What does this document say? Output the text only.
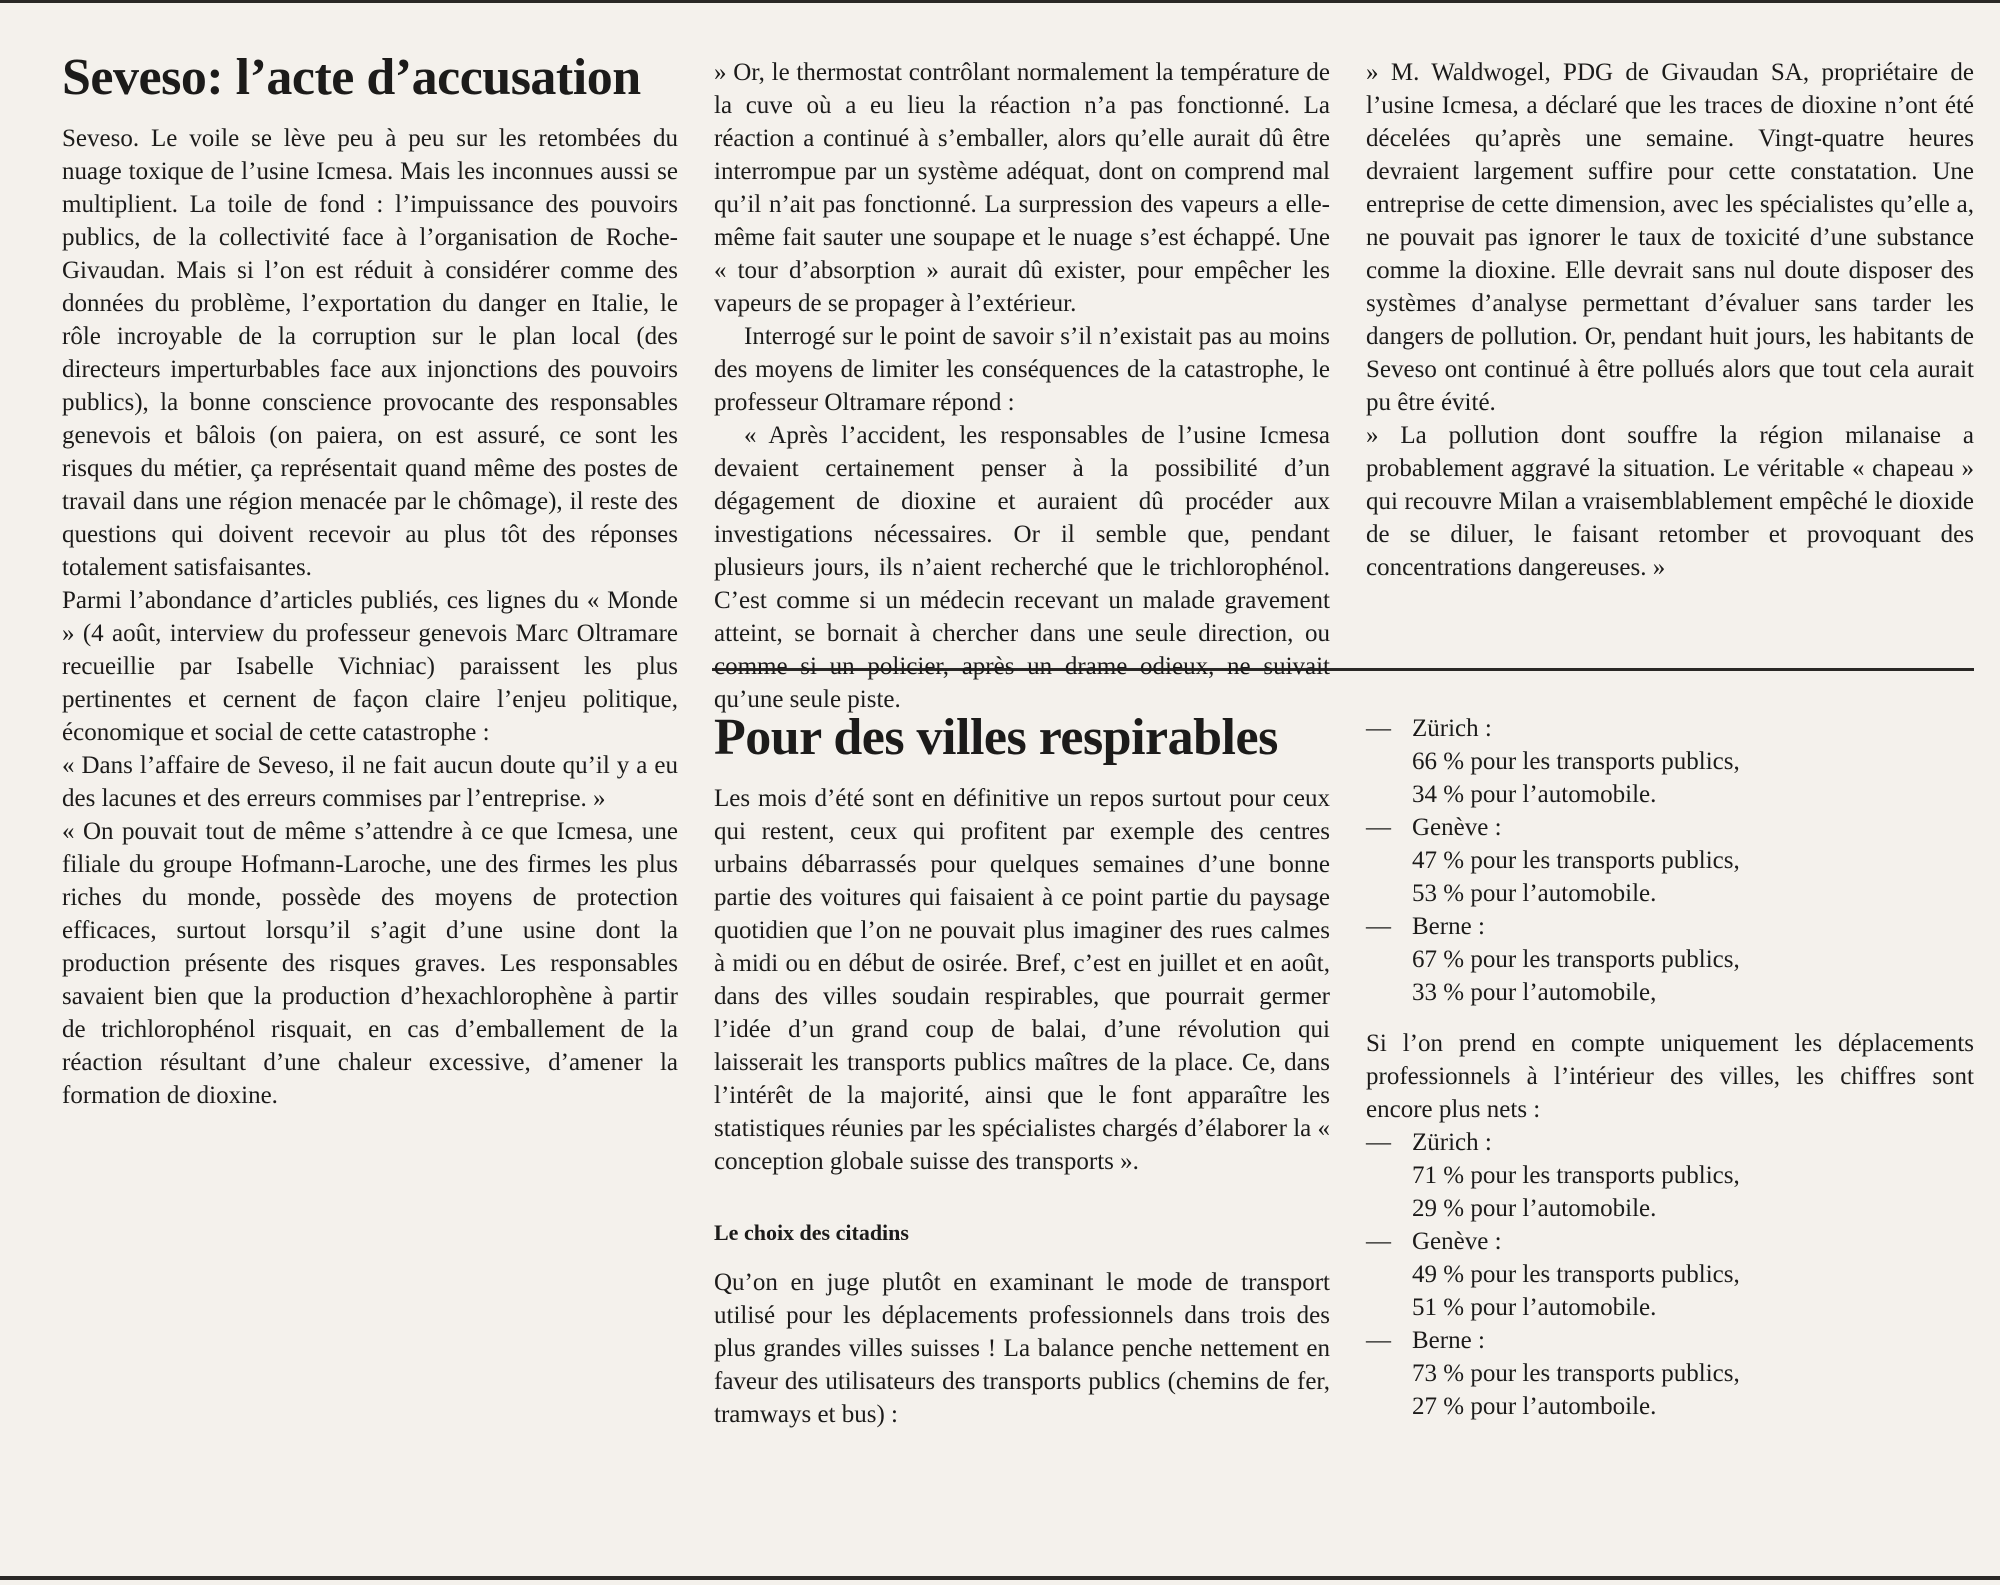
Seveso: l’acte d’accusation

Seveso. Le voile se lève peu à peu sur les retombées du nuage toxique de l’usine Icmesa. Mais les inconnues aussi se multiplient. La toile de fond : l’impuissance des pouvoirs publics, de la collectivité face à l’organisation de Roche-Givaudan. Mais si l’on est réduit à considérer comme des données du problème, l’exportation du danger en Italie, le rôle incroyable de la corruption sur le plan local (des directeurs imperturbables face aux injonctions des pouvoirs publics), la bonne conscience provocante des responsables genevois et bâlois (on paiera, on est assuré, ce sont les risques du métier, ça représentait quand même des postes de travail dans une région menacée par le chômage), il reste des questions qui doivent recevoir au plus tôt des réponses totalement satisfaisantes.

Parmi l’abondance d’articles publiés, ces lignes du « Monde » (4 août, interview du professeur genevois Marc Oltramare recueillie par Isabelle Vichniac) paraissent les plus pertinentes et cernent de façon claire l’enjeu politique, économique et social de cette catastrophe :

« Dans l’affaire de Seveso, il ne fait aucun doute qu’il y a eu des lacunes et des erreurs commises par l’entreprise. »

« On pouvait tout de même s’attendre à ce que Icmesa, une filiale du groupe Hofmann-Laroche, une des firmes les plus riches du monde, possède des moyens de protection efficaces, surtout lorsqu’il s’agit d’une usine dont la production présente des risques graves. Les responsables savaient bien que la production d’hexachlorophène à partir de trichlorophénol risquait, en cas d’emballement de la réaction résultant d’une chaleur excessive, d’amener la formation de dioxine.

» Or, le thermostat contrôlant normalement la température de la cuve où a eu lieu la réaction n’a pas fonctionné. La réaction a continué à s’emballer, alors qu’elle aurait dû être interrompue par un système adéquat, dont on comprend mal qu’il n’ait pas fonctionné. La surpression des vapeurs a elle-même fait sauter une soupape et le nuage s’est échappé. Une « tour d’absorption » aurait dû exister, pour empêcher les vapeurs de se propager à l’extérieur.

Interrogé sur le point de savoir s’il n’existait pas au moins des moyens de limiter les conséquences de la catastrophe, le professeur Oltramare répond :

« Après l’accident, les responsables de l’usine Icmesa devaient certainement penser à la possibilité d’un dégagement de dioxine et auraient dû procéder aux investigations nécessaires. Or il semble que, pendant plusieurs jours, ils n’aient recherché que le trichlorophénol. C’est comme si un médecin recevant un malade gravement atteint, se bornait à chercher dans une seule direction, ou comme si un policier, après un drame odieux, ne suivait qu’une seule piste.

» M. Waldwogel, PDG de Givaudan SA, propriétaire de l’usine Icmesa, a déclaré que les traces de dioxine n’ont été décelées qu’après une semaine. Vingt-quatre heures devraient largement suffire pour cette constatation. Une entreprise de cette dimension, avec les spécialistes qu’elle a, ne pouvait pas ignorer le taux de toxicité d’une substance comme la dioxine. Elle devrait sans nul doute disposer des systèmes d’analyse permettant d’évaluer sans tarder les dangers de pollution. Or, pendant huit jours, les habitants de Seveso ont continué à être pollués alors que tout cela aurait pu être évité.

» La pollution dont souffre la région milanaise a probablement aggravé la situation. Le véritable « chapeau » qui recouvre Milan a vraisemblablement empêché le dioxide de se diluer, le faisant retomber et provoquant des concentrations dangereuses. »

Pour des villes respirables

Les mois d’été sont en définitive un repos surtout pour ceux qui restent, ceux qui profitent par exemple des centres urbains débarrassés pour quelques semaines d’une bonne partie des voitures qui faisaient à ce point partie du paysage quotidien que l’on ne pouvait plus imaginer des rues calmes à midi ou en début de osirée. Bref, c’est en juillet et en août, dans des villes soudain respirables, que pourrait germer l’idée d’un grand coup de balai, d’une révolution qui laisserait les transports publics maîtres de la place. Ce, dans l’intérêt de la majorité, ainsi que le font apparaître les statistiques réunies par les spécialistes chargés d’élaborer la « conception globale suisse des transports ».

Le choix des citadins

Qu’on en juge plutôt en examinant le mode de transport utilisé pour les déplacements professionnels dans trois des plus grandes villes suisses ! La balance penche nettement en faveur des utilisateurs des transports publics (chemins de fer, tramways et bus) :

— Zürich :
66 % pour les transports publics,
34 % pour l’automobile.
— Genève :
47 % pour les transports publics,
53 % pour l’automobile.
— Berne :
67 % pour les transports publics,
33 % pour l’automobile,

Si l’on prend en compte uniquement les déplacements professionnels à l’intérieur des villes, les chiffres sont encore plus nets :

— Zürich :
71 % pour les transports publics,
29 % pour l’automobile.
— Genève :
49 % pour les transports publics,
51 % pour l’automobile.
— Berne :
73 % pour les transports publics,
27 % pour l’automboile.
